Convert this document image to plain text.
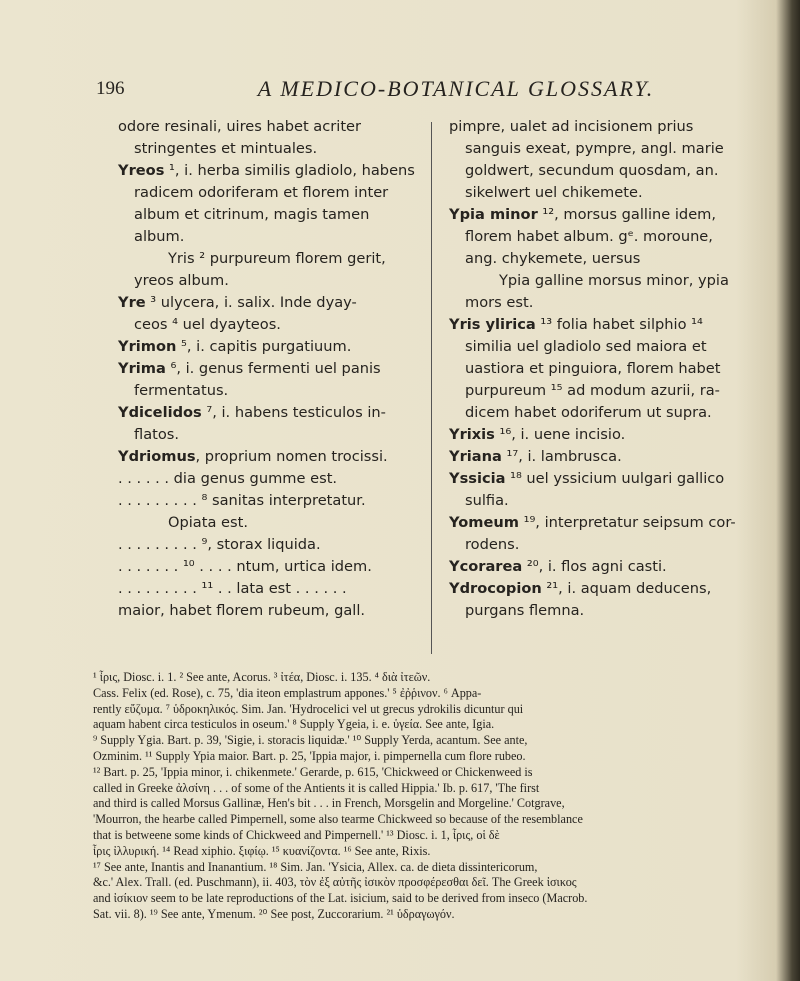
196	A MEDICO-BOTANICAL GLOSSARY.
odore resinali, uires habet acriter
stringentes et mintuales.
Yreos ¹, i. herba similis gladiolo, habens
radicem odoriferam et florem inter
album et citrinum, magis tamen
album.
Yris ² purpureum florem gerit,
yreos album.
Yre ³ ulycera, i. salix. Inde dyay-
ceos ⁴ uel dyayteos.
Yrimon ⁵, i. capitis purgatiuum.
Yrima ⁶, i. genus fermenti uel panis
fermentatus.
Ydicelidos ⁷, i. habens testiculos in-
flatos.
Ydriomus, proprium nomen trocissi.
. . . . . . dia genus gumme est.
. . . . . . . . . ⁸ sanitas interpretatur.
Opiata est.
. . . . . . . . . ⁹, storax liquida.
. . . . . . . ¹⁰ . . . . ntum, urtica idem.
. . . . . . . . . ¹¹ . . lata est . . . . . .
maior, habet florem rubeum, gall.
pimpre, ualet ad incisionem prius
sanguis exeat, pympre, angl. marie
goldwert, secundum quosdam, an.
sikelwert uel chikemete.
Ypia minor ¹², morsus galline idem,
florem habet album. gᵉ. moroune,
ang. chykemete, uersus
Ypia galline morsus minor, ypia
mors est.
Yris ylirica ¹³ folia habet silphio ¹⁴
similia uel gladiolo sed maiora et
uastiora et pinguiora, florem habet
purpureum ¹⁵ ad modum azurii, ra-
dicem habet odoriferum ut supra.
Yrixis ¹⁶, i. uene incisio.
Yriana ¹⁷, i. lambrusca.
Yssicia ¹⁸ uel yssicium uulgari gallico
sulfia.
Yomeum ¹⁹, interpretatur seipsum cor-
rodens.
Ycorarea ²⁰, i. flos agni casti.
Ydrocopion ²¹, i. aquam deducens,
purgans flemna.
¹ ἶρις, Diosc. i. 1. ² See ante, Acorus. ³ ἰτέα, Diosc. i. 135. ⁴ διὰ ἰτεῶν.
Cass. Felix (ed. Rose), c. 75, 'dia iteon emplastrum appones.' ⁵ ἐῤῥινον. ⁶ Appa-
rently εὔζυμα. ⁷ ὑδροκηλικός. Sim. Jan. 'Hydrocelici vel ut grecus ydrokilis dicuntur qui
aquam habent circa testiculos in oseum.' ⁸ Supply Ygeia, i. e. ὑγεία. See ante, Igia.
⁹ Supply Ygia. Bart. p. 39, 'Sigie, i. storacis liquidæ.' ¹⁰ Supply Yerda, acantum. See ante,
Ozminim. ¹¹ Supply Ypia maior. Bart. p. 25, 'Ippia major, i. pimpernella cum flore rubeo.
¹² Bart. p. 25, 'Ippia minor, i. chikenmete.' Gerarde, p. 615, 'Chickweed or Chickenweed is
called in Greeke ἀλσίνη . . . of some of the Antients it is called Hippia.' Ib. p. 617, 'The first
and third is called Morsus Gallinæ, Hen's bit . . . in French, Morsgelin and Morgeline.' Cotgrave,
'Mourron, the hearbe called Pimpernell, some also tearme Chickweed so because of the resemblance
that is betweene some kinds of Chickweed and Pimpernell.' ¹³ Diosc. i. 1, ἶρις, οἱ δὲ
ἶρις ἰλλυρική. ¹⁴ Read xiphio. ξιφίῳ. ¹⁵ κυανίζοντα. ¹⁶ See ante, Rixis.
¹⁷ See ante, Inantis and Inanantium. ¹⁸ Sim. Jan. 'Ysicia, Allex. ca. de dieta dissintericorum,
&c.' Alex. Trall. (ed. Puschmann), ii. 403, τὸν ἐξ αὐτῆς ἰσικὸν προσφέρεσθαι δεῖ. The Greek ἰσικος
and ἰσίκιον seem to be late reproductions of the Lat. isicium, said to be derived from inseco (Macrob.
Sat. vii. 8). ¹⁹ See ante, Ymenum. ²⁰ See post, Zuccorarium. ²¹ ὑδραγωγόν.
